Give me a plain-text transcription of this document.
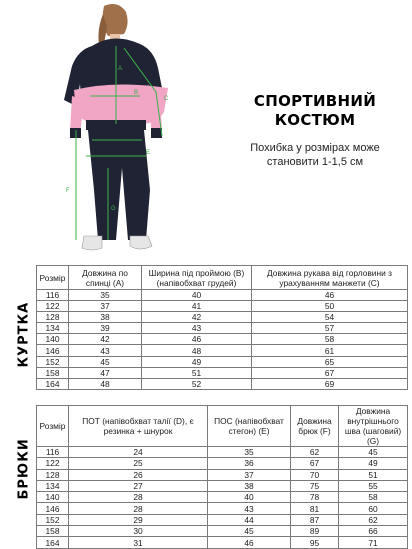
A
B
C
E
F
G
СПОРТИВНИЙ
КОСТЮМ
Похибка у розмірах може
становити 1-1,5 см
КУРТКА
БРЮКИ
Розмір	Довжина по спинці (А)	Ширина під проймою (В) (напівобхват грудей)	Довжина рукава від горловини з урахуванням манжети (С)
116	35	40	46
122	37	41	50
128	38	42	54
134	39	43	57
140	42	46	58
146	43	48	61
152	45	49	65
158	47	51	67
164	48	52	69
Розмір	ПОТ (напівобхват талії (D), є резинка + шнурок	ПОС (напівобхват стегон) (E)	Довжина брюк (F)	Довжина внутрішнього шва (шаговий) (G)
116	24	35	62	45
122	25	36	67	49
128	26	37	70	51
134	27	38	75	55
140	28	40	78	58
146	28	43	81	60
152	29	44	87	62
158	30	45	89	66
164	31	46	95	71
